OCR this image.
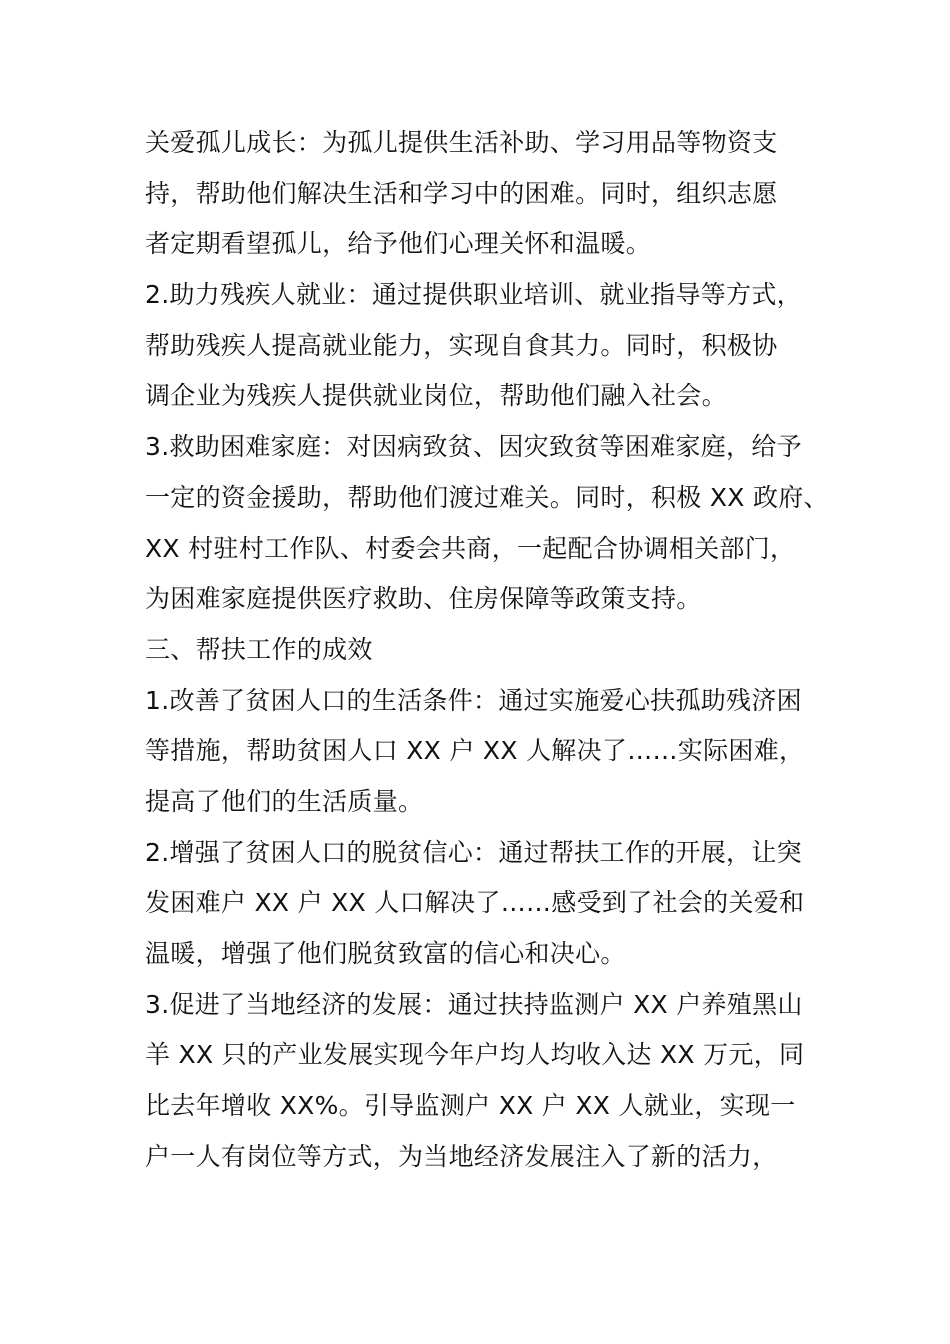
关爱孤儿成长：为孤儿提供生活补助、学习用品等物资支
持，帮助他们解决生活和学习中的困难。同时，组织志愿
者定期看望孤儿，给予他们心理关怀和温暖。
2.助力残疾人就业：通过提供职业培训、就业指导等方式，
帮助残疾人提高就业能力，实现自食其力。同时，积极协
调企业为残疾人提供就业岗位，帮助他们融入社会。
3.救助困难家庭：对因病致贫、因灾致贫等困难家庭，给予
一定的资金援助，帮助他们渡过难关。同时，积极 XX 政府、
XX 村驻村工作队、村委会共商，一起配合协调相关部门，
为困难家庭提供医疗救助、住房保障等政策支持。
三、帮扶工作的成效
1.改善了贫困人口的生活条件：通过实施爱心扶孤助残济困
等措施，帮助贫困人口 XX 户 XX 人解决了……实际困难，
提高了他们的生活质量。
2.增强了贫困人口的脱贫信心：通过帮扶工作的开展，让突
发困难户 XX 户 XX 人口解决了……感受到了社会的关爱和
温暖，增强了他们脱贫致富的信心和决心。
3.促进了当地经济的发展：通过扶持监测户 XX 户养殖黑山
羊 XX 只的产业发展实现今年户均人均收入达 XX 万元，同
比去年增收 XX%。引导监测户 XX 户 XX 人就业，实现一
户一人有岗位等方式，为当地经济发展注入了新的活力，
